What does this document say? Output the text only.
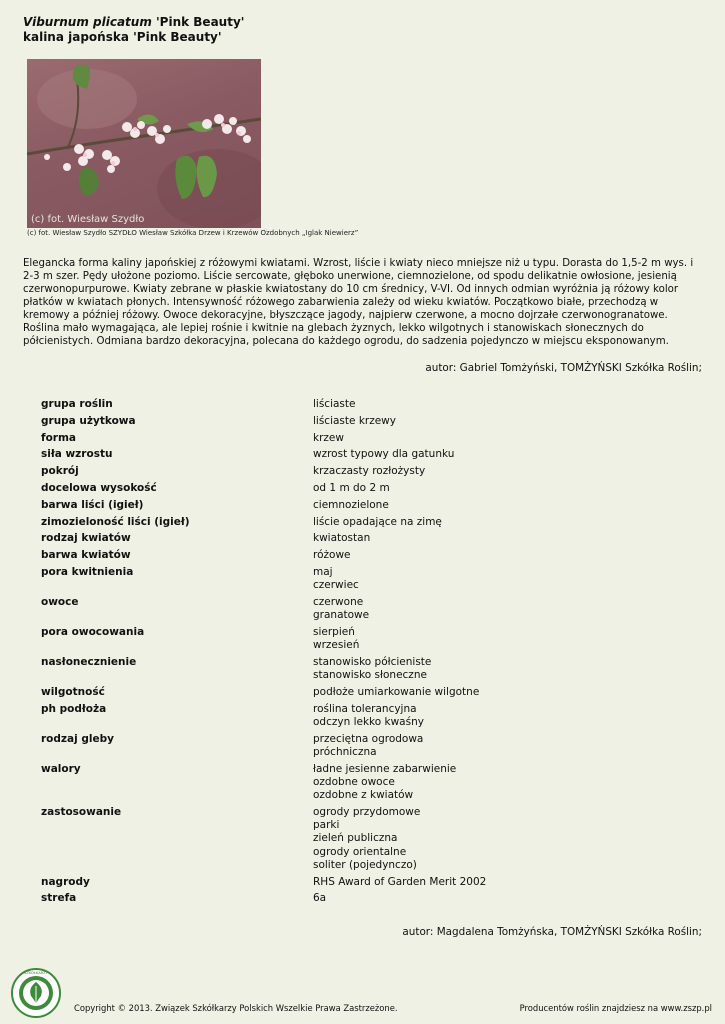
Viburnum plicatum 'Pink Beauty'
kalina japońska 'Pink Beauty'
(c) fot. Wiesław Szydło
(c) fot. Wiesław Szydło SZYDŁO Wiesław Szkółka Drzew i Krzewów Ozdobnych „Iglak Niewierz”
Elegancka forma kaliny japońskiej z różowymi kwiatami. Wzrost, liście i kwiaty nieco mniejsze niż u typu. Dorasta do 1,5-2 m wys. i 2-3 m szer. Pędy ułożone poziomo. Liście sercowate, głęboko unerwione, ciemnozielone, od spodu delikatnie owłosione, jesienią czerwonopurpurowe. Kwiaty zebrane w płaskie kwiatostany do 10 cm średnicy, V-VI. Od innych odmian wyróżnia ją różowy kolor płatków w kwiatach płonych. Intensywność różowego zabarwienia zależy od wieku kwiatów. Początkowo białe, przechodzą w kremowy a później różowy. Owoce dekoracyjne, błyszczące jagody, najpierw czerwone, a mocno dojrzałe czerwonogranatowe. Roślina mało wymagająca, ale lepiej rośnie i kwitnie na glebach żyznych, lekko wilgotnych i stanowiskach słonecznych do półcienistych. Odmiana bardzo dekoracyjna, polecana do każdego ogrodu, do sadzenia pojedynczo w miejscu eksponowanym.
autor: Gabriel Tomżyński, TOMŻYŃSKI Szkółka Roślin;
grupa roślin	liściaste

grupa użytkowa	liściaste krzewy

forma	krzew

siła wzrostu	wzrost typowy dla gatunku

pokrój	krzaczasty rozłożysty

docelowa wysokość	od 1 m do 2 m

barwa liści (igieł)	ciemnozielone

zimozieloność liści (igieł)	liście opadające na zimę

rodzaj kwiatów	kwiatostan

barwa kwiatów	różowe

pora kwitnienia	maj
czerwiec

owoce	czerwone
granatowe

pora owocowania	sierpień
wrzesień

nasłonecznienie	stanowisko półcieniste
stanowisko słoneczne

wilgotność	podłoże umiarkowanie wilgotne

ph podłoża	roślina tolerancyjna
odczyn lekko kwaśny

rodzaj gleby	przeciętna ogrodowa
próchniczna

walory	ładne jesienne zabarwienie
ozdobne owoce
ozdobne z kwiatów

zastosowanie	ogrody przydomowe
parki
zieleń publiczna
ogrody orientalne
soliter (pojedynczo)

nagrody	RHS Award of Garden Merit 2002

strefa	6a
autor: Magdalena Tomżyńska, TOMŻYŃSKI Szkółka Roślin;
SZKÓŁKARZY
Copyright © 2013. Związek Szkółkarzy Polskich Wszelkie Prawa Zastrzeżone.	Producentów roślin znajdziesz na www.zszp.pl
